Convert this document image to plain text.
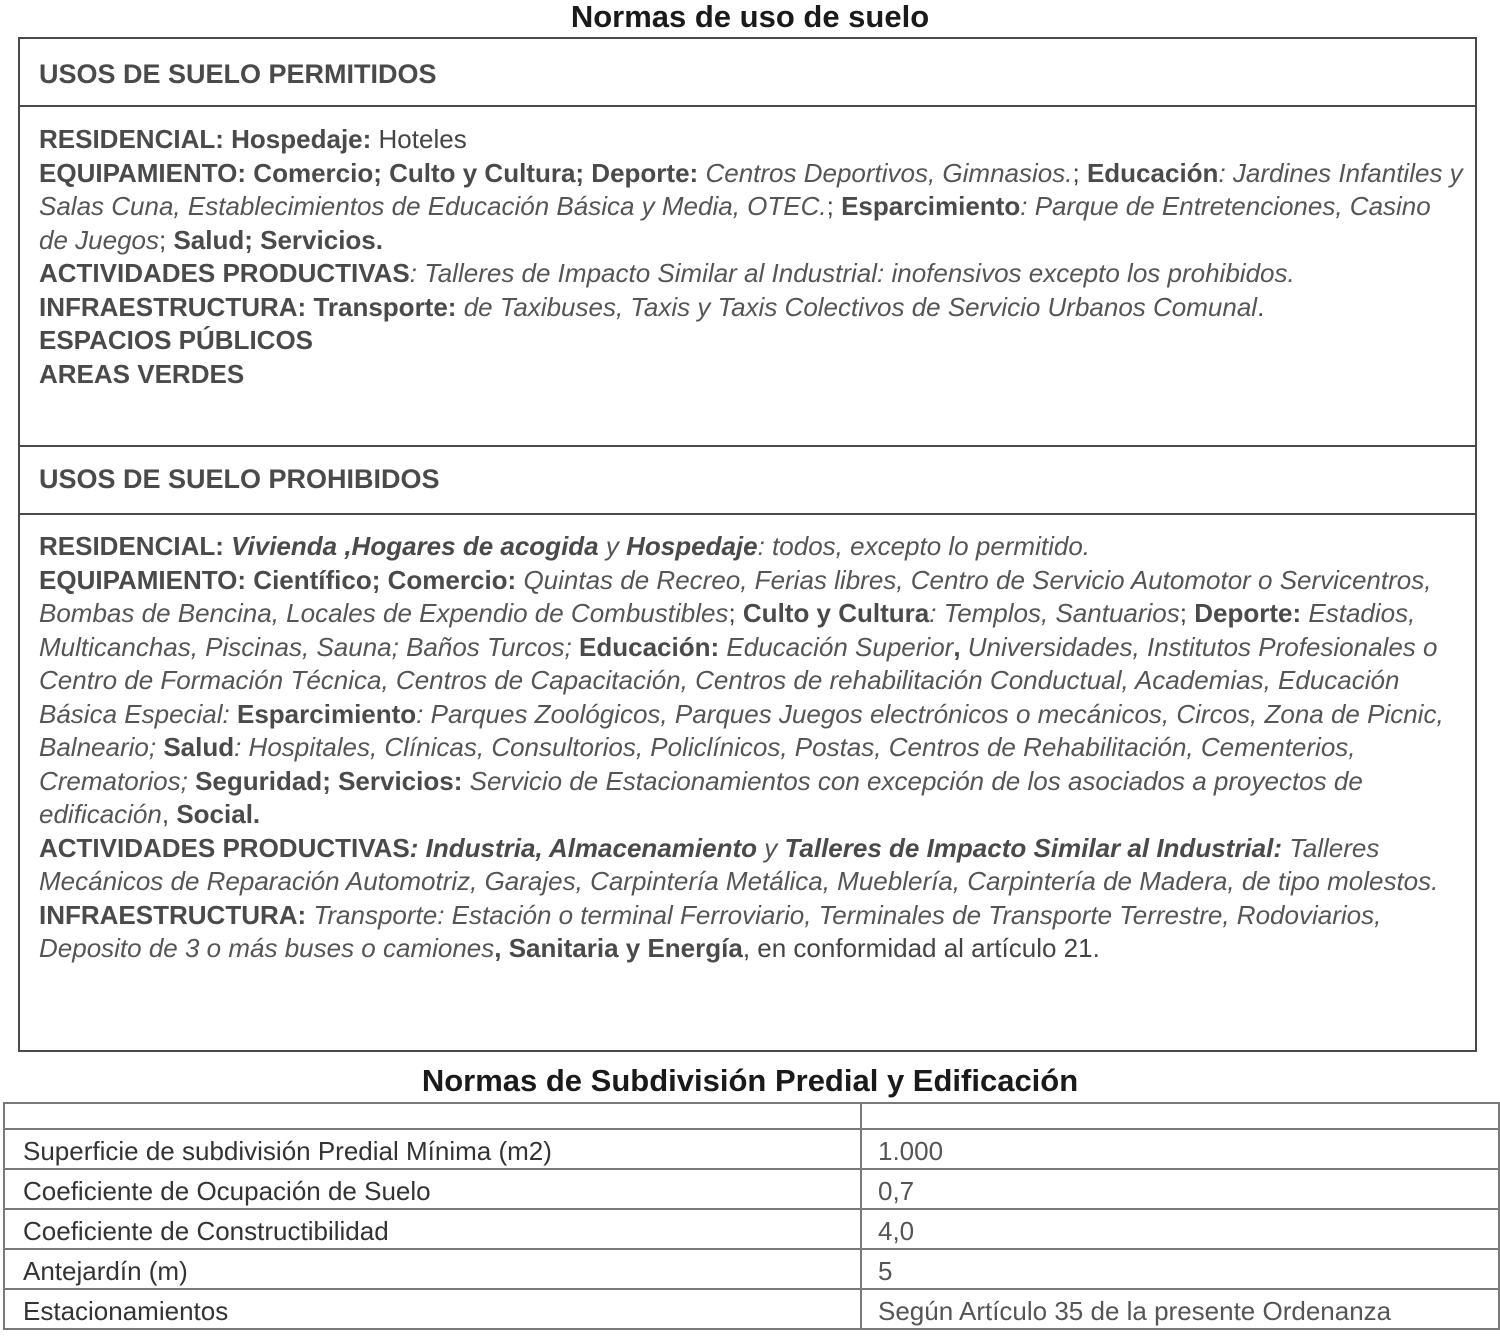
Normas de uso de suelo
USOS DE SUELO PERMITIDOS

RESIDENCIAL: Hospedaje: Hoteles

EQUIPAMIENTO: Comercio; Culto y Cultura; Deporte: Centros Deportivos, Gimnasios.; Educación: Jardines Infantiles y Salas Cuna, Establecimientos de Educación Básica y Media, OTEC.; Esparcimiento: Parque de Entretenciones, Casino de Juegos; Salud; Servicios.

ACTIVIDADES PRODUCTIVAS: Talleres de Impacto Similar al Industrial: inofensivos excepto los prohibidos.

INFRAESTRUCTURA: Transporte: de Taxibuses, Taxis y Taxis Colectivos de Servicio Urbanos Comunal.

ESPACIOS PÚBLICOS

AREAS VERDES

USOS DE SUELO PROHIBIDOS

RESIDENCIAL: Vivienda ,Hogares de acogida y Hospedaje: todos, excepto lo permitido.

EQUIPAMIENTO: Científico; Comercio: Quintas de Recreo, Ferias libres, Centro de Servicio Automotor o Servicentros, Bombas de Bencina, Locales de Expendio de Combustibles; Culto y Cultura: Templos, Santuarios; Deporte: Estadios, Multicanchas, Piscinas, Sauna; Baños Turcos; Educación: Educación Superior, Universidades, Institutos Profesionales o Centro de Formación Técnica, Centros de Capacitación, Centros de rehabilitación Conductual, Academias, Educación Básica Especial: Esparcimiento: Parques Zoológicos, Parques Juegos electrónicos o mecánicos, Circos, Zona de Picnic, Balneario; Salud: Hospitales, Clínicas, Consultorios, Policlínicos, Postas, Centros de Rehabilitación, Cementerios, Crematorios; Seguridad; Servicios: Servicio de Estacionamientos con excepción de los asociados a proyectos de edificación, Social.

ACTIVIDADES PRODUCTIVAS: Industria, Almacenamiento y Talleres de Impacto Similar al Industrial: Talleres Mecánicos de Reparación Automotriz, Garajes, Carpintería Metálica, Mueblería, Carpintería de Madera, de tipo molestos.

INFRAESTRUCTURA: Transporte: Estación o terminal Ferroviario, Terminales de Transporte Terrestre, Rodoviarios, Deposito de 3 o más buses o camiones, Sanitaria y Energía, en conformidad al artículo 21.

Normas de Subdivisión Predial y Edificación

Superficie de subdivisión Predial Mínima (m2)	1.000
Coeficiente de Ocupación de Suelo	0,7
Coeficiente de Constructibilidad	4,0
Antejardín (m)	5
Estacionamientos	Según Artículo 35 de la presente Ordenanza
